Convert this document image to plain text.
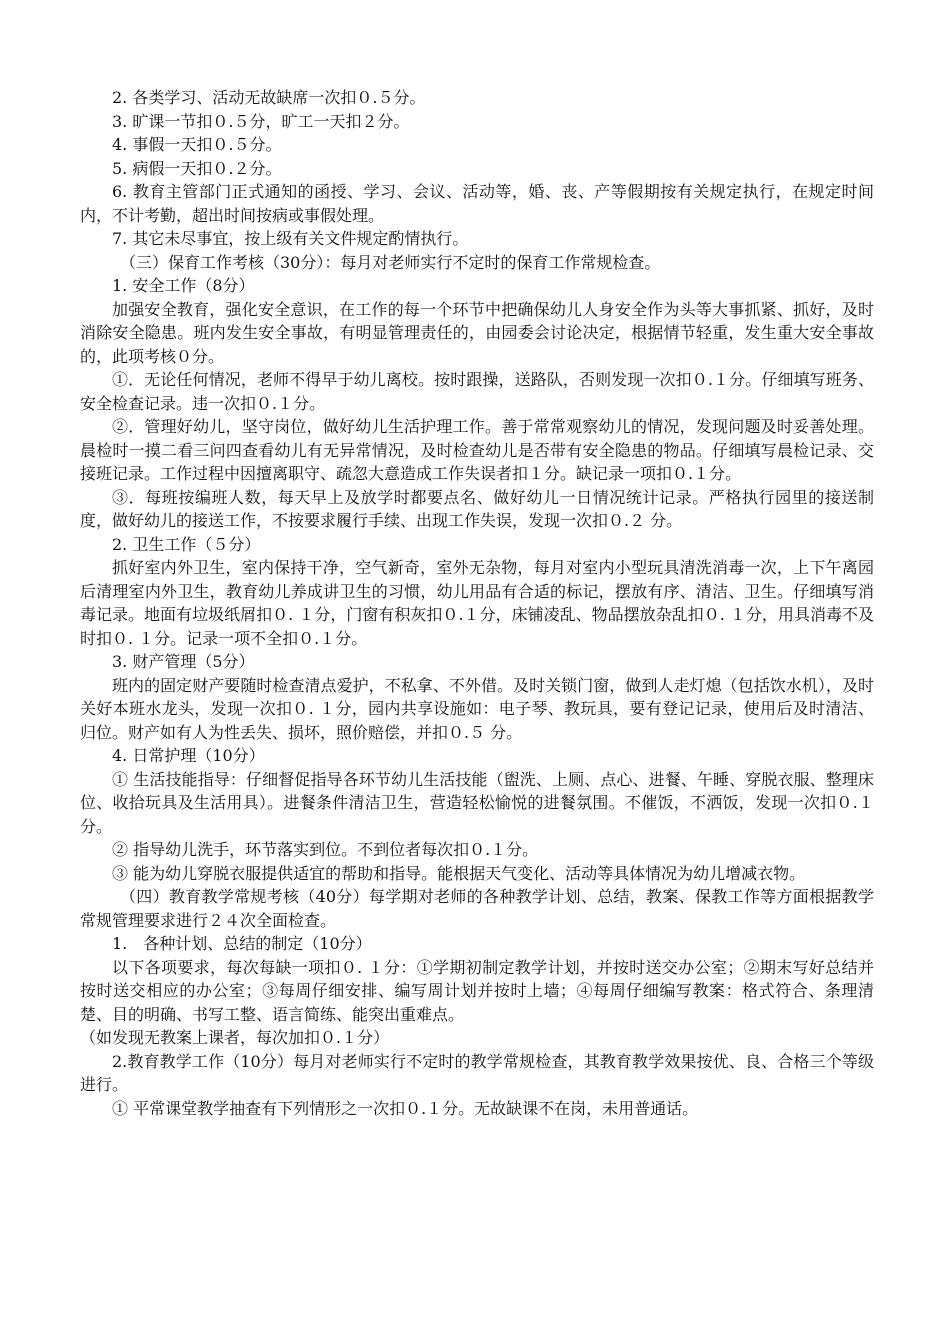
2. 各类学习、活动无故缺席一次扣０.５分。

3. 旷课一节扣０.５分，旷工一天扣２分。

4. 事假一天扣０.５分。

5. 病假一天扣０.２分。

6. 教育主管部门正式通知的函授、学习、会议、活动等，婚、丧、产等假期按有关规定执行，在规定时间内，不计考勤，超出时间按病或事假处理。

7. 其它未尽事宜，按上级有关文件规定酌情执行。

（三）保育工作考核（30分）：每月对老师实行不定时的保育工作常规检查。

1. 安全工作（8分）

加强安全教育，强化安全意识，在工作的每一个环节中把确保幼儿人身安全作为头等大事抓紧、抓好，及时消除安全隐患。班内发生安全事故，有明显管理责任的，由园委会讨论决定，根据情节轻重，发生重大安全事故的，此项考核０分。

①．无论任何情况，老师不得早于幼儿离校。按时跟操，送路队，否则发现一次扣０.１分。仔细填写班务、安全检查记录。违一次扣０.１分。

②．管理好幼儿，坚守岗位，做好幼儿生活护理工作。善于常常观察幼儿的情况，发现问题及时妥善处理。晨检时一摸二看三问四查看幼儿有无异常情况，及时检查幼儿是否带有安全隐患的物品。仔细填写晨检记录、交接班记录。工作过程中因擅离职守、疏忽大意造成工作失误者扣１分。缺记录一项扣０.１分。

③．每班按编班人数，每天早上及放学时都要点名、做好幼儿一日情况统计记录。严格执行园里的接送制度，做好幼儿的接送工作，不按要求履行手续、出现工作失误，发现一次扣０.２ 分。

2. 卫生工作（５分）

抓好室内外卫生，室内保持干净，空气新奇，室外无杂物，每月对室内小型玩具清洗消毒一次，上下午离园后清理室内外卫生，教育幼儿养成讲卫生的习惯，幼儿用品有合适的标记，摆放有序、清洁、卫生。仔细填写消毒记录。地面有垃圾纸屑扣０. １分，门窗有积灰扣０.１分，床铺凌乱、物品摆放杂乱扣０. １分，用具消毒不及时扣０. １分。记录一项不全扣０.１分。

3. 财产管理（5分）

班内的固定财产要随时检查清点爱护，不私拿、不外借。及时关锁门窗，做到人走灯熄（包括饮水机），及时关好本班水龙头，发现一次扣０. １分，园内共享设施如：电子琴、教玩具，要有登记记录，使用后及时清洁、归位。财产如有人为性丢失、损坏，照价赔偿，并扣０.５ 分。

4. 日常护理（10分）

① 生活技能指导：仔细督促指导各环节幼儿生活技能（盥洗、上厕、点心、进餐、午睡、穿脱衣服、整理床位、收拾玩具及生活用具）。进餐条件清洁卫生，营造轻松愉悦的进餐氛围。不催饭，不洒饭，发现一次扣０.１分。

② 指导幼儿洗手，环节落实到位。不到位者每次扣０.１分。

③ 能为幼儿穿脱衣服提供适宜的帮助和指导。能根据天气变化、活动等具体情况为幼儿增减衣物。

（四）教育教学常规考核（40分）每学期对老师的各种教学计划、总结，教案、保教工作等方面根据教学常规管理要求进行２４次全面检查。

1.　各种计划、总结的制定（10分）

以下各项要求，每次每缺一项扣０. １分：①学期初制定教学计划，并按时送交办公室；②期末写好总结并按时送交相应的办公室；③每周仔细安排、编写周计划并按时上墙；④每周仔细编写教案：格式符合、条理清楚、目的明确、书写工整、语言简练、能突出重难点。

（如发现无教案上课者，每次加扣０.１分）

2.教育教学工作（10分）每月对老师实行不定时的教学常规检查，其教育教学效果按优、良、合格三个等级进行。

① 平常课堂教学抽查有下列情形之一次扣０.１分。无故缺课不在岗，未用普通话。
